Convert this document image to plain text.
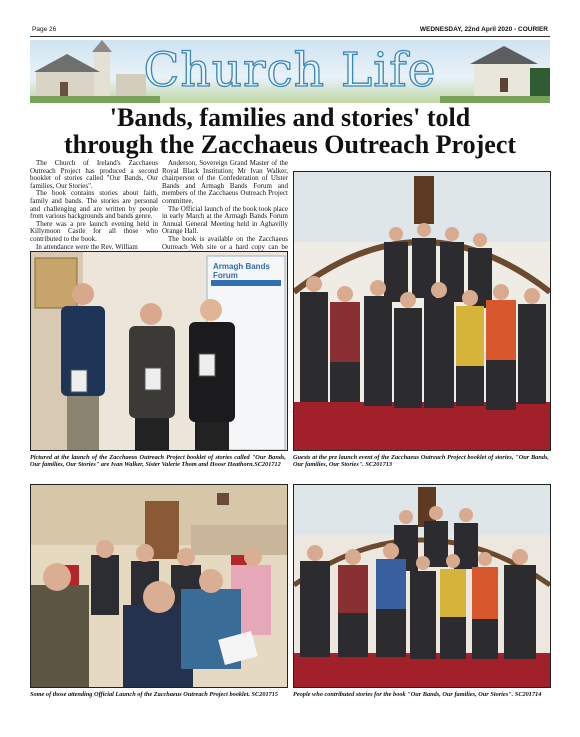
Page 26	WEDNESDAY, 22nd April 2020 - COURIER
Church Life
'Bands, families and stories' told
through the Zacchaeus Outreach Project

The Church of Ireland's Zacchaeus Outreach Project has produced a second booklet of stories called "Our Bands, Our families, Our Stories".

The book contains stories about faith, family and bands. The stories are personal and challenging and are written by people from various backgrounds and bands genre.

There was a pre launch evening held in Killymoon Castle for all those who contributed to the book.

In attendance were the Rev. William

Anderson, Sovereign Grand Master of the Royal Black Institution; Mr Ivan Walker, chairperson of the Confederation of Ulster Bands and Armagh Bands Forum and members of the Zacchaeus Outreach Project committee.

The Official launch of the book took place in early March at the Armagh Bands Forum Annual General Meeting held in Aghavilly Orange Hall.

The book is available on the Zacchaeus Outreach Web site or a hard copy can be

Armagh Bands Forum
Pictured at the launch of the Zacchaeus Outreach Project booklet of stories called "Our Bands, Our families, Our Stories" are Ivan Walker, Sister Valerie Thom and Hoosr Heathorn.SC201712
Guests at the pre launch event of the Zacchaeus Outreach Project booklet of stories, "Our Bands, Our families, Our Stories". SC201713
Some of those attending Official Launch of the Zacchaeus Outreach Project booklet. SC201715	People who contributed stories for the book "Our Bands, Our families, Our Stories". SC201714
